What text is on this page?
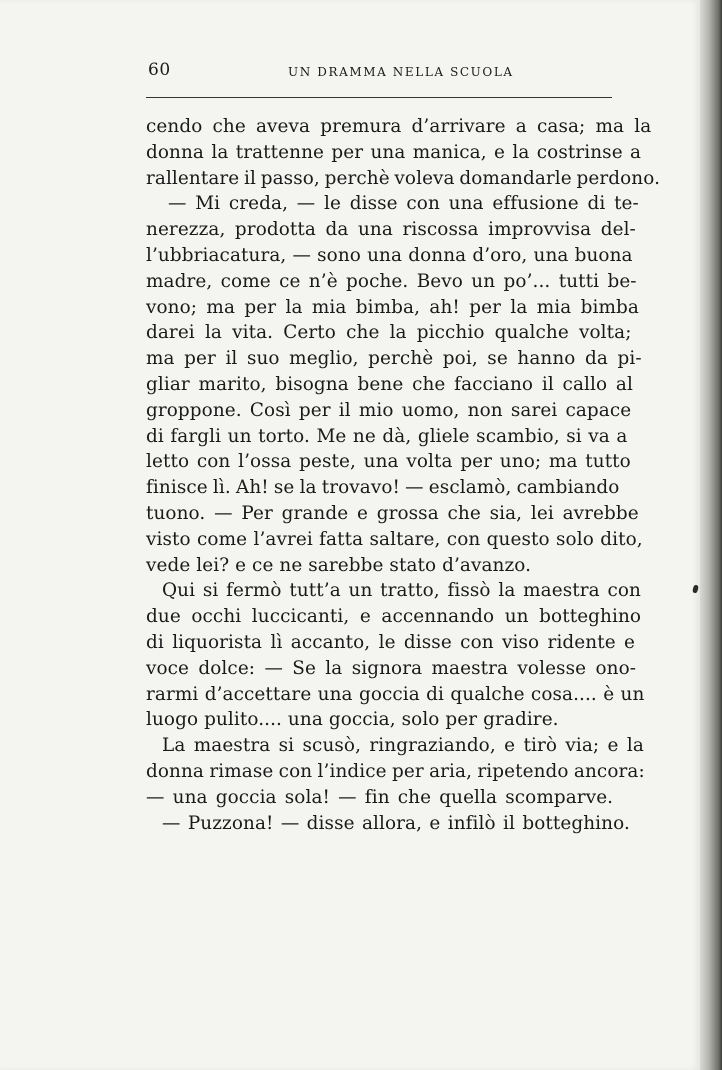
60	UN DRAMMA NELLA SCUOLA
cendo che aveva premura d’arrivare a casa; ma la
donna la trattenne per una manica, e la costrinse a
rallentare il passo, perchè voleva domandarle perdono.
— Mi creda, — le disse con una effusione di te-
nerezza, prodotta da una riscossa improvvisa del-
l’ubbriacatura, — sono una donna d’oro, una buona
madre, come ce n’è poche. Bevo un po’... tutti be-
vono; ma per la mia bimba, ah! per la mia bimba
darei la vita. Certo che la picchio qualche volta;
ma per il suo meglio, perchè poi, se hanno da pi-
gliar marito, bisogna bene che facciano il callo al
groppone. Così per il mio uomo, non sarei capace
di fargli un torto. Me ne dà, gliele scambio, si va a
letto con l’ossa peste, una volta per uno; ma tutto
finisce lì. Ah! se la trovavo! — esclamò, cambiando
tuono. — Per grande e grossa che sia, lei avrebbe
visto come l’avrei fatta saltare, con questo solo dito,
vede lei? e ce ne sarebbe stato d’avanzo.
Qui si fermò tutt’a un tratto, fissò la maestra con
due occhi luccicanti, e accennando un botteghino
di liquorista lì accanto, le disse con viso ridente e
voce dolce: — Se la signora maestra volesse ono-
rarmi d’accettare una goccia di qualche cosa.... è un
luogo pulito.... una goccia, solo per gradire.
La maestra si scusò, ringraziando, e tirò via; e la
donna rimase con l’indice per aria, ripetendo ancora:
— una goccia sola! — fin che quella scomparve.
— Puzzona! — disse allora, e infilò il botteghino.
